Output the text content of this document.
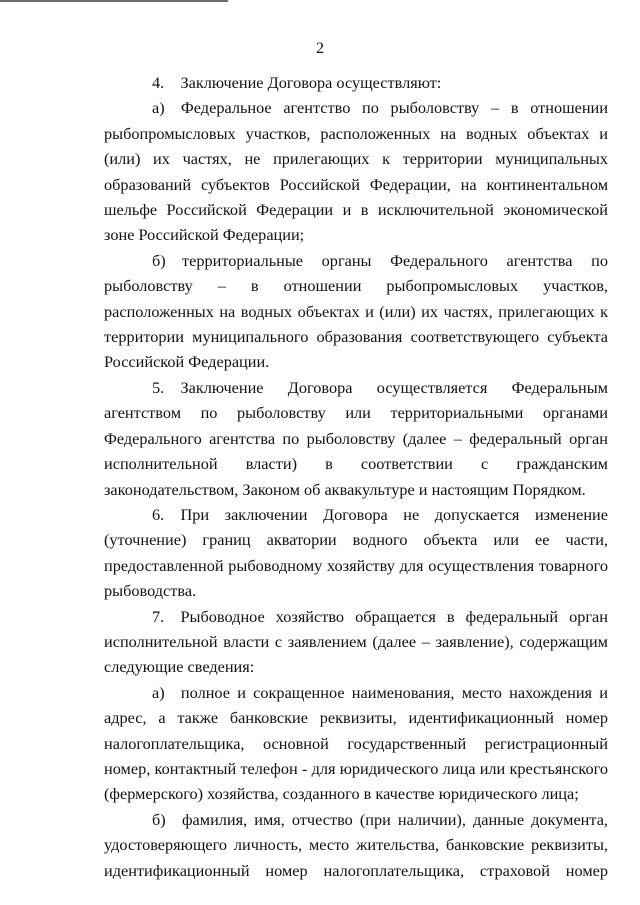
2

4. Заключение Договора осуществляют:

а) Федеральное агентство по рыболовству – в отношении рыбопромысловых участков, расположенных на водных объектах и (или) их частях, не прилегающих к территории муниципальных образований субъектов Российской Федерации, на континентальном шельфе Российской Федерации и в исключительной экономической зоне Российской Федерации;

б) территориальные органы Федерального агентства по рыболовству – в отношении рыбопромысловых участков, расположенных на водных объектах и (или) их частях, прилегающих к территории муниципального образования соответствующего субъекта Российской Федерации.

5. Заключение Договора осуществляется Федеральным агентством по рыболовству или территориальными органами Федерального агентства по рыболовству (далее – федеральный орган исполнительной власти) в соответствии с гражданским законодательством, Законом об аквакультуре и настоящим Порядком.

6. При заключении Договора не допускается изменение (уточнение) границ акватории водного объекта или ее части, предоставленной рыбоводному хозяйству для осуществления товарного рыбоводства.

7. Рыбоводное хозяйство обращается в федеральный орган исполнительной власти с заявлением (далее – заявление), содержащим следующие сведения:

а) полное и сокращенное наименования, место нахождения и адрес, а также банковские реквизиты, идентификационный номер налогоплательщика, основной государственный регистрационный номер, контактный телефон - для юридического лица или крестьянского (фермерского) хозяйства, созданного в качестве юридического лица;

б) фамилия, имя, отчество (при наличии), данные документа, удостоверяющего личность, место жительства, банковские реквизиты, идентификационный номер налогоплательщика, страховой номер
